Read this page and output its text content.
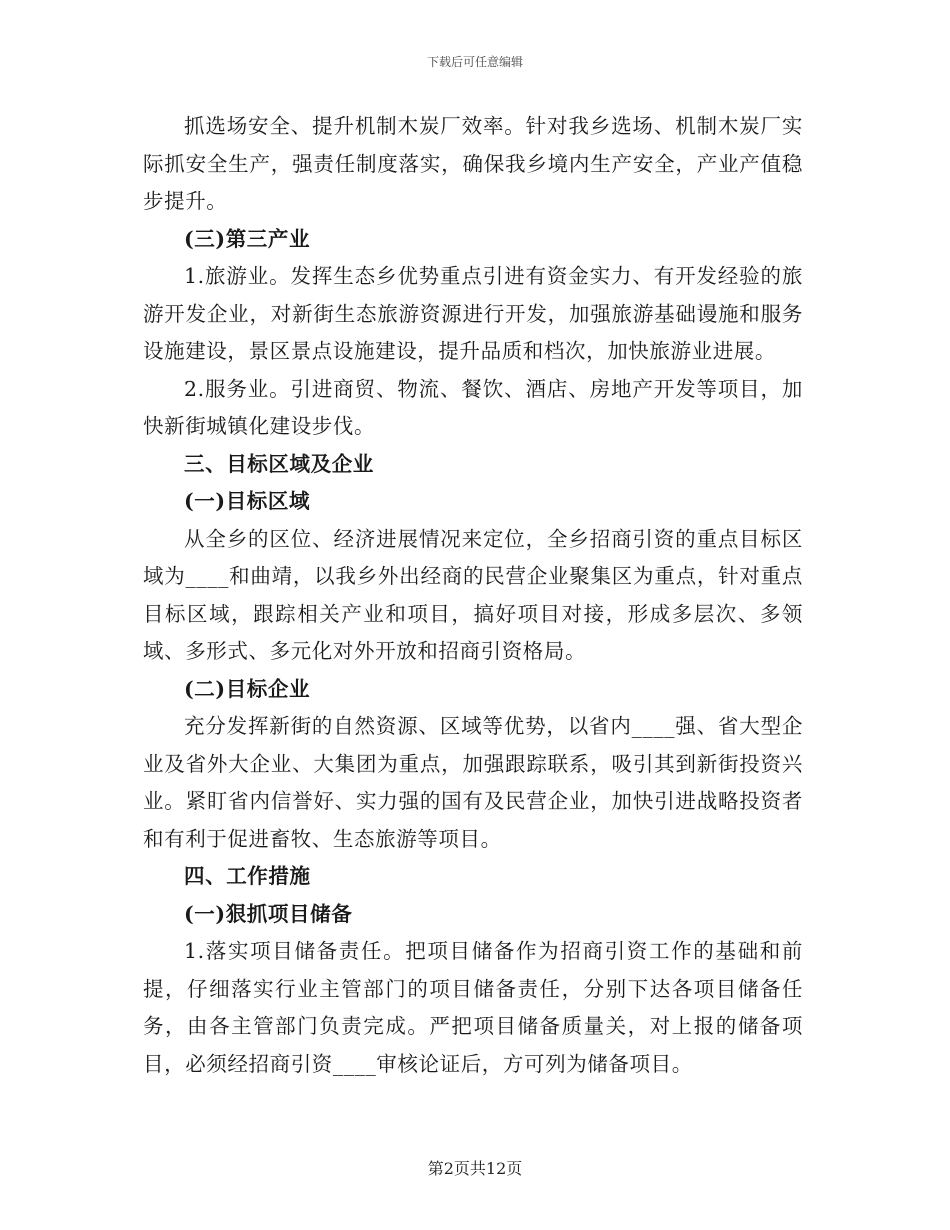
下载后可任意编辑

抓选场安全、提升机制木炭厂效率。针对我乡选场、机制木炭厂实际抓安全生产，强责任制度落实，确保我乡境内生产安全，产业产值稳步提升。

(三)第三产业

1.旅游业。发挥生态乡优势重点引进有资金实力、有开发经验的旅游开发企业，对新街生态旅游资源进行开发，加强旅游基础谩施和服务设施建设，景区景点设施建设，提升品质和档次，加快旅游业进展。

2.服务业。引进商贸、物流、餐饮、酒店、房地产开发等项目，加快新街城镇化建设步伐。

三、目标区域及企业

(一)目标区域

从全乡的区位、经济进展情况来定位，全乡招商引资的重点目标区域为____和曲靖，以我乡外出经商的民营企业聚集区为重点，针对重点目标区域，跟踪相关产业和项目，搞好项目对接，形成多层次、多领域、多形式、多元化对外开放和招商引资格局。

(二)目标企业

充分发挥新街的自然资源、区域等优势，以省内____强、省大型企业及省外大企业、大集团为重点，加强跟踪联系，吸引其到新街投资兴业。紧盯省内信誉好、实力强的国有及民营企业，加快引进战略投资者和有利于促进畜牧、生态旅游等项目。

四、工作措施

(一)狠抓项目储备

1.落实项目储备责任。把项目储备作为招商引资工作的基础和前提，仔细落实行业主管部门的项目储备责任，分别下达各项目储备任务，由各主管部门负责完成。严把项目储备质量关，对上报的储备项目，必须经招商引资____审核论证后，方可列为储备项目。

第2页共12页
